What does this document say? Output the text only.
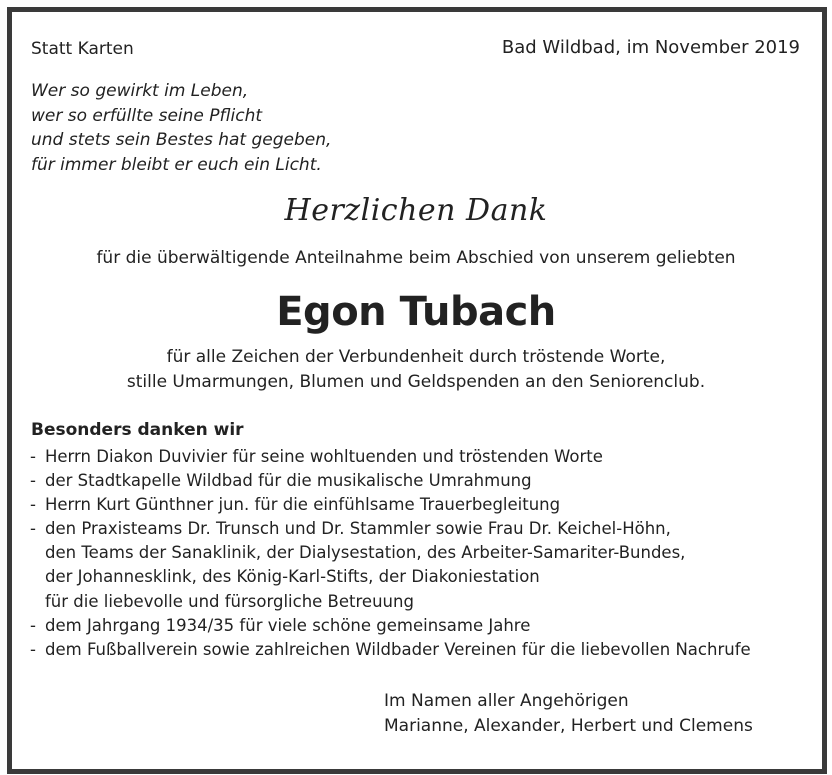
Statt Karten	Bad Wildbad, im November 2019
Wer so gewirkt im Leben,
wer so erfüllte seine Pflicht
und stets sein Bestes hat gegeben,
für immer bleibt er euch ein Licht.
Herzlichen Dank
für die überwältigende Anteilnahme beim Abschied von unserem geliebten
Egon Tubach
für alle Zeichen der Verbundenheit durch tröstende Worte,
stille Umarmungen, Blumen und Geldspenden an den Seniorenclub.
Besonders danken wir
- Herrn Diakon Duvivier für seine wohltuenden und tröstenden Worte
- der Stadtkapelle Wildbad für die musikalische Umrahmung
- Herrn Kurt Günthner jun. für die einfühlsame Trauerbegleitung
- den Praxisteams Dr. Trunsch und Dr. Stammler sowie Frau Dr. Keichel-Höhn,
den Teams der Sanaklinik, der Dialysestation, des Arbeiter-Samariter-Bundes,
der Johannesklink, des König-Karl-Stifts, der Diakoniestation
für die liebevolle und fürsorgliche Betreuung
- dem Jahrgang 1934/35 für viele schöne gemeinsame Jahre
- dem Fußballverein sowie zahlreichen Wildbader Vereinen für die liebevollen Nachrufe
Im Namen aller Angehörigen
Marianne, Alexander, Herbert und Clemens
